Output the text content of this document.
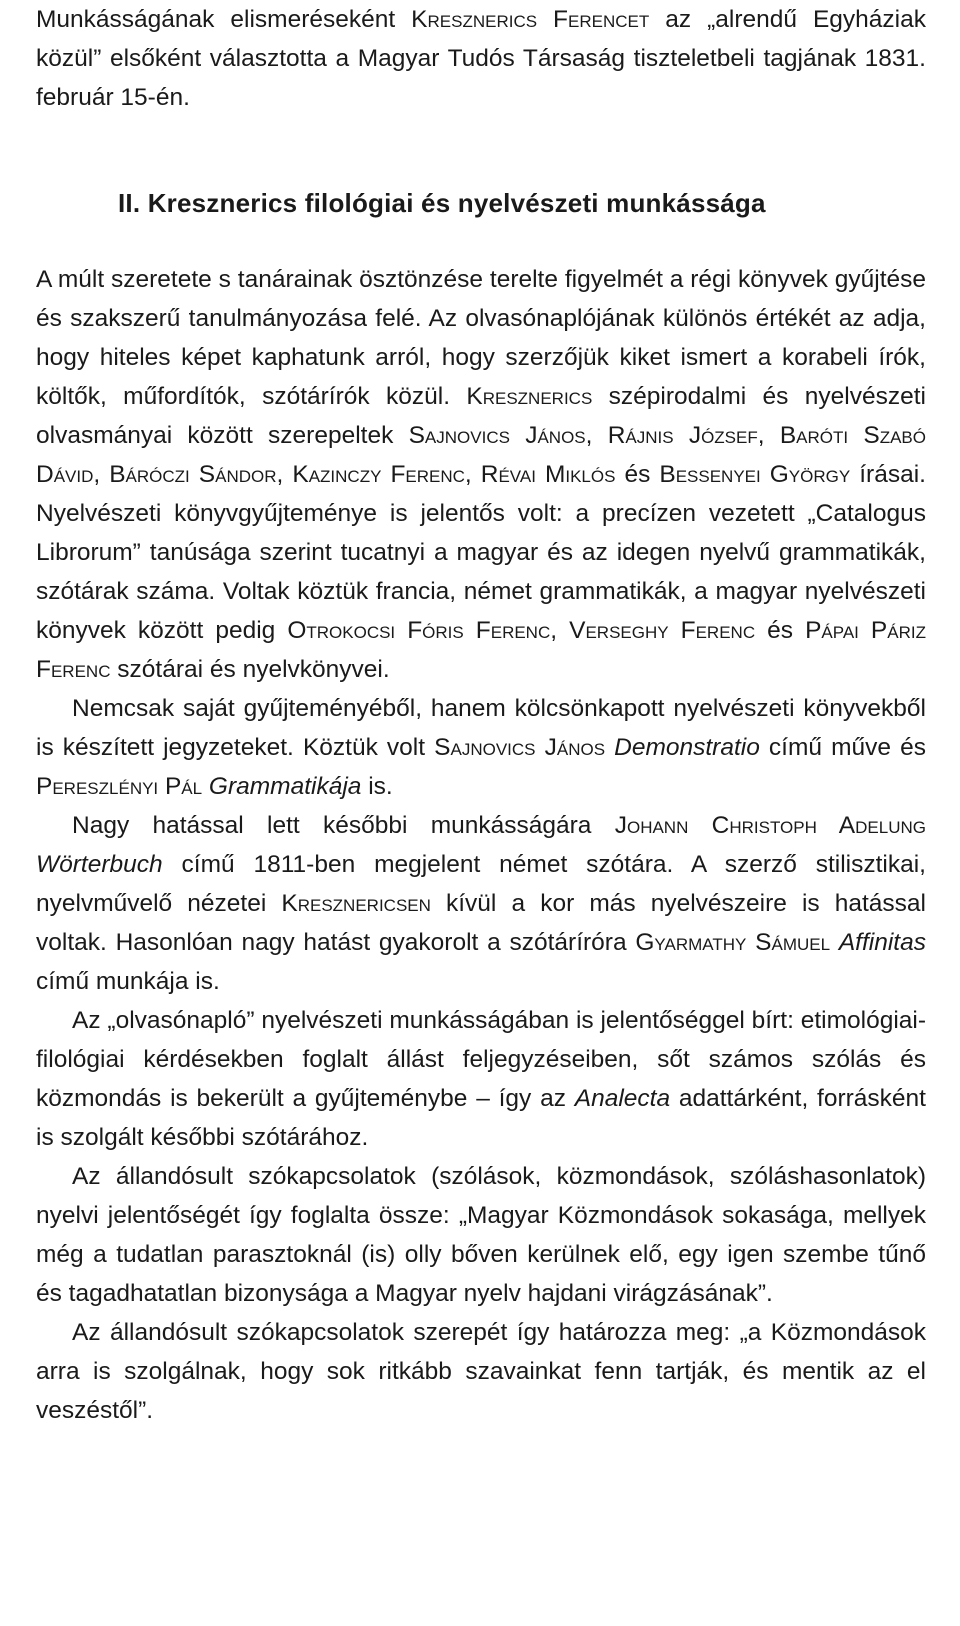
Munkásságának elismeréseként Kresznerics Ferencet az „alrendű Egyháziak közül” elsőként választotta a Magyar Tudós Társaság tiszteletbeli tagjának 1831. február 15-én.

II. Kresznerics filológiai és nyelvészeti munkássága

A múlt szeretete s tanárainak ösztönzése terelte figyelmét a régi könyvek gyűjtése és szakszerű tanulmányozása felé. Az olvasónaplójának különös értékét az adja, hogy hiteles képet kaphatunk arról, hogy szerzőjük kiket ismert a korabeli írók, költők, műfordítók, szótárírók közül. Kresznerics szépirodalmi és nyelvészeti olvasmányai között szerepeltek Sajnovics János, Rájnis József, Baróti Szabó Dávid, Báróczi Sándor, Kazinczy Ferenc, Révai Miklós és Bessenyei György írásai. Nyelvészeti könyvgyűjteménye is jelentős volt: a precízen vezetett „Catalogus Librorum” tanúsága szerint tucatnyi a magyar és az idegen nyelvű grammatikák, szótárak száma. Voltak köztük francia, német grammatikák, a magyar nyelvészeti könyvek között pedig Otrokocsi Fóris Ferenc, Verseghy Ferenc és Pápai Páriz Ferenc szótárai és nyelvkönyvei.

Nemcsak saját gyűjteményéből, hanem kölcsönkapott nyelvészeti könyvekből is készített jegyzeteket. Köztük volt Sajnovics János Demonstratio című műve és Pereszlényi Pál Grammatikája is.

Nagy hatással lett későbbi munkásságára Johann Christoph Adelung Wörterbuch című 1811-ben megjelent német szótára. A szerző stilisztikai, nyelvművelő nézetei Kresznericsen kívül a kor más nyelvészeire is hatással voltak. Hasonlóan nagy hatást gyakorolt a szótáríróra Gyarmathy Sámuel Affinitas című munkája is.

Az „olvasónapló” nyelvészeti munkásságában is jelentőséggel bírt: etimológiai-filológiai kérdésekben foglalt állást feljegyzéseiben, sőt számos szólás és közmondás is bekerült a gyűjteménybe – így az Analecta adattárként, forrásként is szolgált későbbi szótárához.

Az állandósult szókapcsolatok (szólások, közmondások, szóláshasonlatok) nyelvi jelentőségét így foglalta össze: „Magyar Közmondások sokasága, mellyek még a tudatlan parasztoknál (is) olly bőven kerülnek elő, egy igen szembe tűnő és tagadhatatlan bizonysága a Magyar nyelv hajdani virágzásának”.

Az állandósult szókapcsolatok szerepét így határozza meg: „a Közmondások arra is szolgálnak, hogy sok ritkább szavainkat fenn tartják, és mentik az el veszéstől”.
